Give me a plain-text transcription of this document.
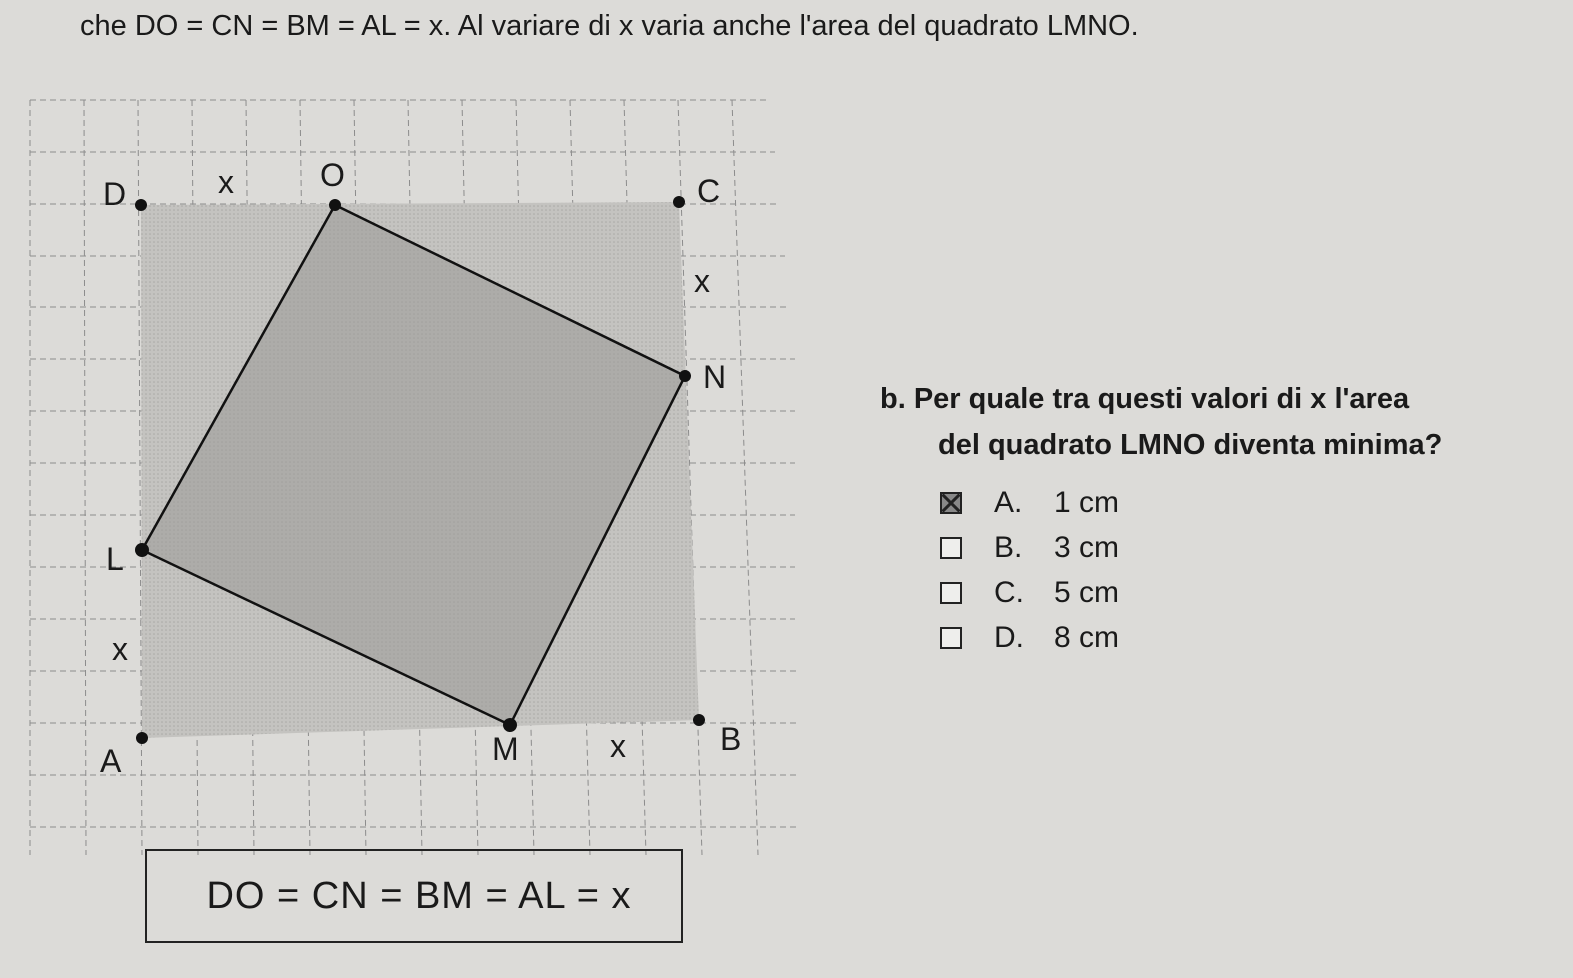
che DO = CN = BM = AL = x. Al variare di x varia anche l'area del quadrato LMNO.
D	x	O	C
x
N
L
x
A	M	x	B
DO = CN = BM = AL = x
b. Per quale tra questi valori di x l'area
del quadrato LMNO diventa minima?
A.	1 cm
B.	3 cm
C.	5 cm
D.	8 cm
